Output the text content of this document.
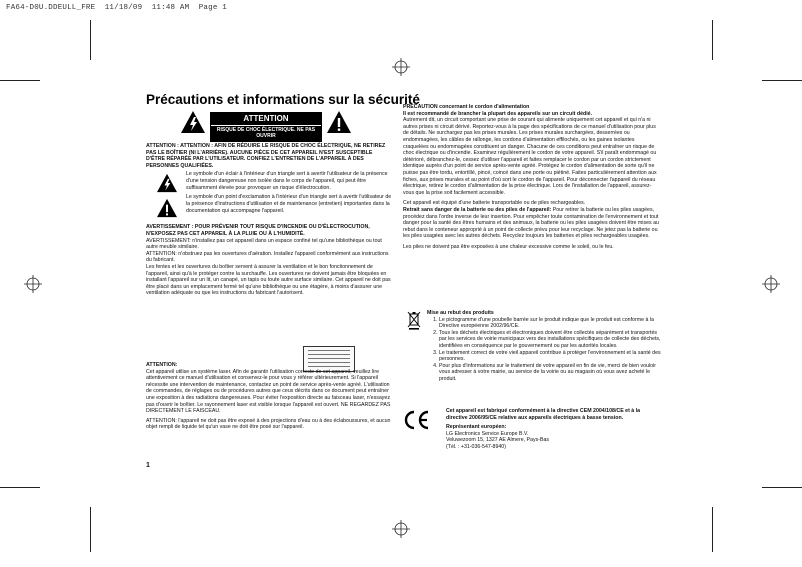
FA64-D0U.DDEULL_FRE  11/18/09  11:48 AM  Page 1
Précautions et informations sur la sécurité
ATTENTION
RISQUE DE CHOC ÉLECTRIQUE. NE PAS OUVRIR

ATTENTION : ATTENTION : AFIN DE RÉDUIRE LE RISQUE DE CHOC ÉLECTRIQUE, NE RETIREZ PAS LE BOÎTIER (NI L'ARRIÈRE). AUCUNE PIÈCE DE CET APPAREIL N'EST SUSCEPTIBLE D'ÊTRE RÉPARÉE PAR L'UTILISATEUR. CONFIEZ L'ENTRETIEN DE L'APPAREIL À DES PERSONNES QUALIFIÉES.

Le symbole d'un éclair à l'intérieur d'un triangle sert à avertir l'utilisateur de la présence d'une tension dangereuse non isolée dans le corps de l'appareil, qui peut être suffisamment élevée pour provoquer un risque d'électrocution.

Le symbole d'un point d'exclamation à l'intérieur d'un triangle sert à avertir l'utilisateur de la présence d'instructions d'utilisation et de maintenance (entretien) importantes dans la documentation qui accompagne l'appareil.

AVERTISSEMENT : POUR PRÉVENIR TOUT RISQUE D'INCENDIE OU D'ÉLECTROCUTION, N'EXPOSEZ PAS CET APPAREIL À LA PLUIE OU À L'HUMIDITÉ.

AVERTISSEMENT: n'installez pas cet appareil dans un espace confiné tel qu'une bibliothèque ou tout autre meuble similaire.

ATTENTION: n'obstruez pas les ouvertures d'aération. Installez l'appareil conformément aux instructions du fabricant.

Les fentes et les ouvertures du boîtier servent à assurer la ventilation et le bon fonctionnement de l'appareil, ainsi qu'à le protéger contre la surchauffe. Les ouvertures ne doivent jamais être bloquées en installant l'appareil sur un lit, un canapé, un tapis ou toute autre surface similaire. Cet appareil ne doit pas être placé dans un emplacement fermé tel qu'une bibliothèque ou une étagère, à moins d'assurer une ventilation adéquate ou que les instructions du fabricant l'autorisent.

ATTENTION:

Cet appareil utilise un système laser. Afin de garantir l'utilisation correcte de cet appareil, veuillez lire attentivement ce manuel d'utilisation et conservez-le pour vous y référer ultérieurement. Si l'appareil nécessite une intervention de maintenance, contactez un point de service après-vente agréé. L'utilisation de commandes, de réglages ou de procédures autres que ceux décrits dans ce document peut entraîner une exposition à des radiations dangereuses. Pour éviter l'exposition directe au faisceau laser, n'essayez pas d'ouvrir le boîtier. Le rayonnement laser est visible lorsque l'appareil est ouvert. NE REGARDEZ PAS DIRECTEMENT LE FAISCEAU.

ATTENTION: l'appareil ne doit pas être exposé à des projections d'eau ou à des éclaboussures, et aucun objet rempli de liquide tel qu'un vase ne doit être posé sur l'appareil.

1

PRÉCAUTION concernant le cordon d'alimentation

Il est recommandé de brancher la plupart des appareils sur un circuit dédié.

Autrement dit, un circuit comportant une prise de courant qui alimente uniquement cet appareil et qui n'a ni autres prises ni circuit dérivé. Reportez-vous à la page des spécifications de ce manuel d'utilisation pour plus de détails. Ne surchargez pas les prises murales. Les prises murales surchargées, desserrées ou endommagées, les câbles de rallonge, les cordons d'alimentation effilochés, ou les gaines isolantes craquelées ou endommagées constituent un danger. Chacune de ces conditions peut entraîner un risque de choc électrique ou d'incendie. Examinez régulièrement le cordon de votre appareil. S'il paraît endommagé ou détérioré, débranchez-le, cessez d'utiliser l'appareil et faites remplacer le cordon par un cordon strictement identique auprès d'un point de service après-vente agréé. Protégez le cordon d'alimentation de sorte qu'il ne puisse pas être tordu, entortillé, pincé, coincé dans une porte ou piétiné. Faites particulièrement attention aux fiches, aux prises murales et au point d'où sort le cordon de l'appareil. Pour déconnecter l'appareil du réseau électrique, retirez le cordon d'alimentation de la prise électrique. Lors de l'installation de l'appareil, assurez-vous que la prise soit facilement accessible.

Cet appareil est équipé d'une batterie transportable ou de piles rechargeables.

Retrait sans danger de la batterie ou des piles de l'appareil: Pour retirer la batterie ou les piles usagées, procédez dans l'ordre inverse de leur insertion. Pour empêcher toute contamination de l'environnement et tout danger pour la santé des êtres humains et des animaux, la batterie ou les piles usagées doivent être mises au rebut dans le conteneur approprié à un point de collecte prévu pour leur recyclage. Ne jetez pas la batterie ou les piles usagées avec les autres déchets. Recyclez toujours les batteries et piles rechargeables usagées.

Les piles ne doivent pas être exposées à une chaleur excessive comme le soleil, ou le feu.

Mise au rebut des produits

1. Le pictogramme d'une poubelle barrée sur le produit indique que le produit est conforme à la Directive européenne 2002/96/CE.
2. Tous les déchets électriques et électroniques doivent être collectés séparément et transportés par les services de voirie municipaux vers des installations spécifiques de collecte des déchets, identifiées en conséquence par le gouvernement ou par les autorités locales.
3. Le traitement correct de votre vieil appareil contribue à protéger l'environnement et la santé des personnes.
4. Pour plus d'informations sur le traitement de votre appareil en fin de vie, merci de bien vouloir vous adresser à votre mairie, au service de la voirie ou au magasin où vous avez acheté le produit.

Cet appareil est fabriqué conformément à la directive CEM 2004/108/CE et à la directive 2006/95/CE relative aux appareils électriques à basse tension.

Représentant européen:

LG Electronics Service Europe B.V.

Veluwezoom 15, 1327 AE Almere, Pays-Bas

(Tél. : +31-036-547-8940)
